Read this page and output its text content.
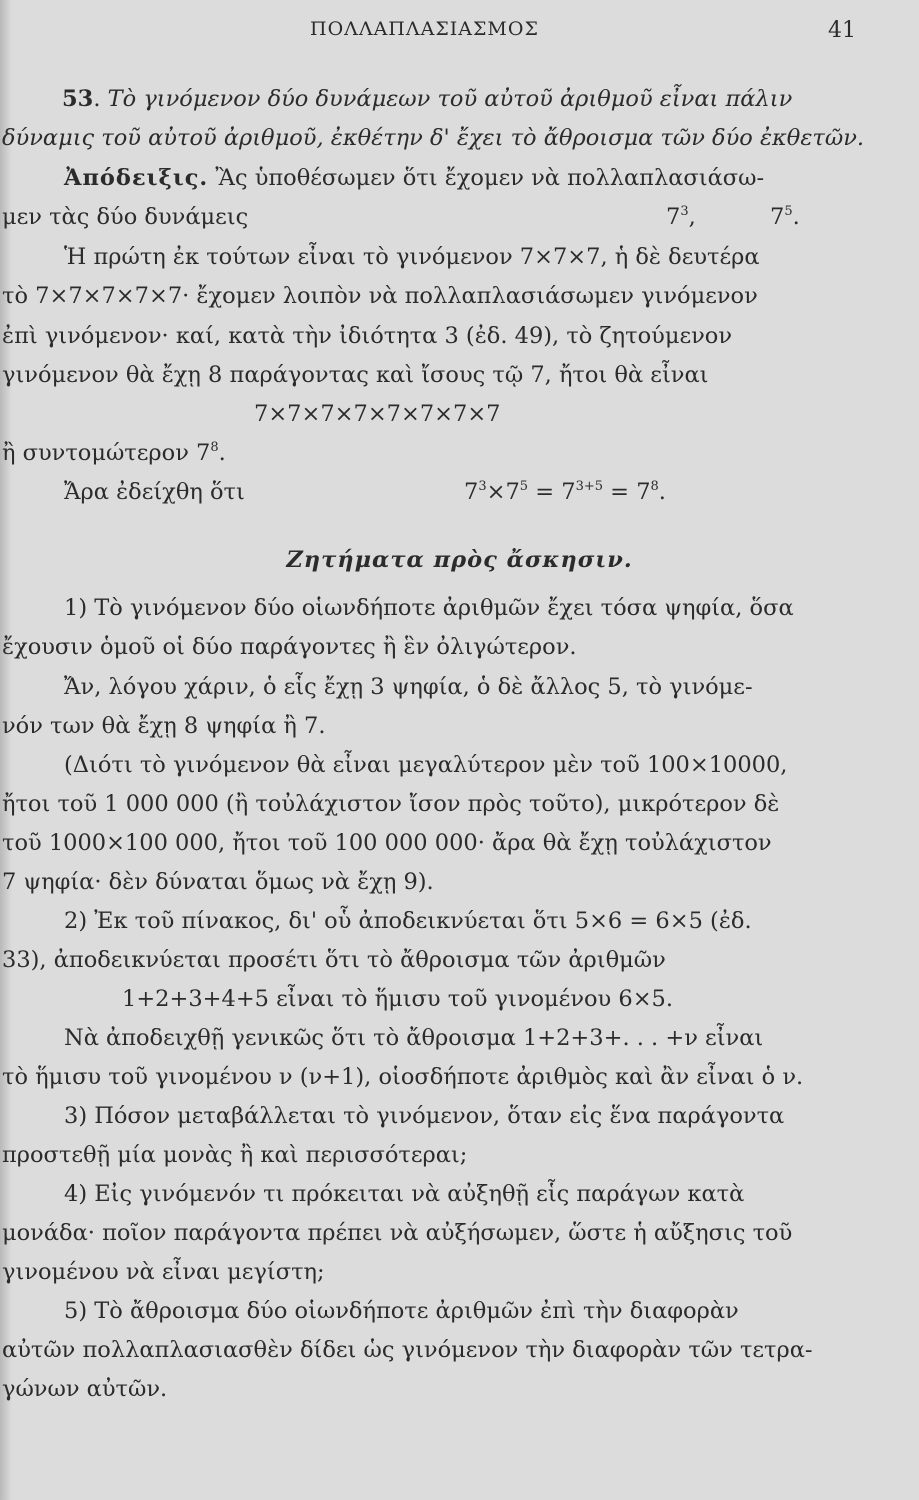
ΠΟΛΛΑΠΛΑΣΙΑΣΜΟΣ	41
53. Τὸ γινόμενον δύο δυνάμεων τοῦ αὐτοῦ ἀριθμοῦ εἶναι πάλιν
δύναμις τοῦ αὐτοῦ ἀριθμοῦ, ἐκθέτην δ' ἔχει τὸ ἄθροισμα τῶν δύο ἐκθετῶν.
Ἀπόδειξις. Ἂς ὑποθέσωμεν ὅτι ἔχομεν νὰ πολλαπλασιάσω-
μεν τὰς δύο δυνάμεις	$7^3$,	$7^5$.
Ἡ πρώτη ἐκ τούτων εἶναι τὸ γινόμενον 7×7×7, ἡ δὲ δευτέρα
τὸ 7×7×7×7×7· ἔχομεν λοιπὸν νὰ πολλαπλασιάσωμεν γινόμενον
ἐπὶ γινόμενον· καί, κατὰ τὴν ἰδιότητα 3 (ἐδ. 49), τὸ ζητούμενον
γινόμενον θὰ ἔχῃ 8 παράγοντας καὶ ἴσους τῷ 7, ἤτοι θὰ εἶναι
7×7×7×7×7×7×7×7
ἢ συντομώτερον $7^8$.
Ἄρα ἐδείχθη ὅτι	$7^3\times 7^5 = 7^{3+5} = 7^8$.
Ζητήματα πρὸς ἄσκησιν.
1) Τὸ γινόμενον δύο οἱωνδήποτε ἀριθμῶν ἔχει τόσα ψηφία, ὅσα
ἔχουσιν ὁμοῦ οἱ δύο παράγοντες ἢ ἓν ὀλιγώτερον.
Ἄν, λόγου χάριν, ὁ εἷς ἔχῃ 3 ψηφία, ὁ δὲ ἄλλος 5, τὸ γινόμε-
νόν των θὰ ἔχῃ 8 ψηφία ἢ 7.
(Διότι τὸ γινόμενον θὰ εἶναι μεγαλύτερον μὲν τοῦ 100×10000,
ἤτοι τοῦ 1 000 000 (ἢ τοὐλάχιστον ἴσον πρὸς τοῦτο), μικρότερον δὲ
τοῦ 1000×100 000, ἤτοι τοῦ 100 000 000· ἄρα θὰ ἔχῃ τοὐλάχιστον
7 ψηφία· δὲν δύναται ὅμως νὰ ἔχῃ 9).
2) Ἐκ τοῦ πίνακος, δι' οὗ ἀποδεικνύεται ὅτι 5×6 = 6×5 (ἐδ.
33), ἀποδεικνύεται προσέτι ὅτι τὸ ἄθροισμα τῶν ἀριθμῶν
1+2+3+4+5 εἶναι τὸ ἥμισυ τοῦ γινομένου 6×5.
Νὰ ἀποδειχθῇ γενικῶς ὅτι τὸ ἄθροισμα 1+2+3+. . . +ν εἶναι
τὸ ἥμισυ τοῦ γινομένου ν (ν+1), οἱοσδήποτε ἀριθμὸς καὶ ἂν εἶναι ὁ ν.
3) Πόσον μεταβάλλεται τὸ γινόμενον, ὅταν εἰς ἕνα παράγοντα
προστεθῇ μία μονὰς ἢ καὶ περισσότεραι;
4) Εἰς γινόμενόν τι πρόκειται νὰ αὐξηθῇ εἷς παράγων κατὰ
μονάδα· ποῖον παράγοντα πρέπει νὰ αὐξήσωμεν, ὥστε ἡ αὔξησις τοῦ
γινομένου νὰ εἶναι μεγίστη;
5) Τὸ ἄθροισμα δύο οἱωνδήποτε ἀριθμῶν ἐπὶ τὴν διαφορὰν
αὐτῶν πολλαπλασιασθὲν δίδει ὡς γινόμενον τὴν διαφορὰν τῶν τετρα-
γώνων αὐτῶν.
